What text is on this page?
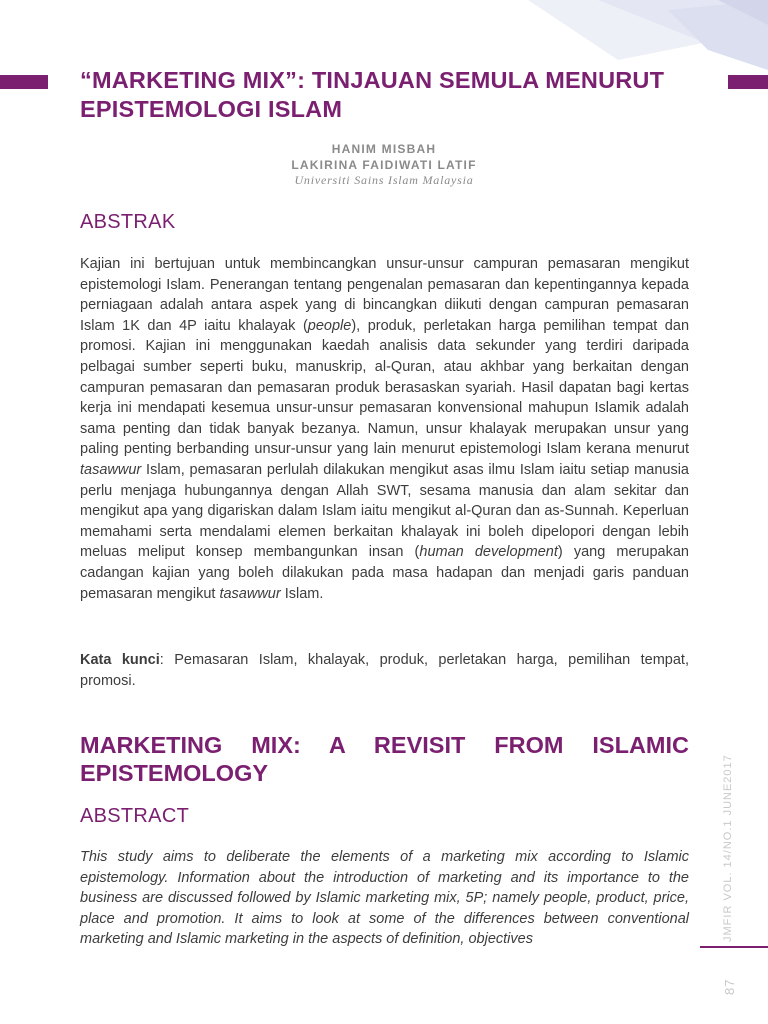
“MARKETING MIX”: TINJAUAN SEMULA MENURUT EPISTEMOLOGI ISLAM
HANIM MISBAH
LAKIRINA FAIDIWATI LATIF
Universiti Sains Islam Malaysia
ABSTRAK

Kajian ini bertujuan untuk membincangkan unsur-unsur campuran pemasaran mengikut epistemologi Islam. Penerangan tentang pengenalan pemasaran dan kepentingannya kepada perniagaan adalah antara aspek yang di bincangkan diikuti dengan campuran pemasaran Islam 1K dan 4P iaitu khalayak (people), produk, perletakan harga pemilihan tempat dan promosi. Kajian ini menggunakan kaedah analisis data sekunder yang terdiri daripada pelbagai sumber seperti buku, manuskrip, al-Quran, atau akhbar yang berkaitan dengan campuran pemasaran dan pemasaran produk berasaskan syariah. Hasil dapatan bagi kertas kerja ini mendapati kesemua unsur-unsur pemasaran konvensional mahupun Islamik adalah sama penting dan tidak banyak bezanya. Namun, unsur khalayak merupakan unsur yang paling penting berbanding unsur-unsur yang lain menurut epistemologi Islam kerana menurut tasawwur Islam, pemasaran perlulah dilakukan mengikut asas ilmu Islam iaitu setiap manusia perlu menjaga hubungannya dengan Allah SWT, sesama manusia dan alam sekitar dan mengikut apa yang digariskan dalam Islam iaitu mengikut al-Quran dan as-Sunnah. Keperluan memahami serta mendalami elemen berkaitan khalayak ini boleh dipelopori dengan lebih meluas meliput konsep membangunkan insan (human development) yang merupakan cadangan kajian yang boleh dilakukan pada masa hadapan dan menjadi garis panduan pemasaran mengikut tasawwur Islam.

Kata kunci: Pemasaran Islam, khalayak, produk, perletakan harga, pemilihan tempat, promosi.

MARKETING MIX: A REVISIT FROM ISLAMIC
EPISTEMOLOGY
ABSTRACT

This study aims to deliberate the elements of a marketing mix according to Islamic epistemology. Information about the introduction of marketing and its importance to the business are discussed followed by Islamic marketing mix, 5P; namely people, product, price, place and promotion. It aims to look at some of the differences between conventional marketing and Islamic marketing in the aspects of definition, objectives	JMFIR VOL. 14/NO.1 JUNE2017
87
